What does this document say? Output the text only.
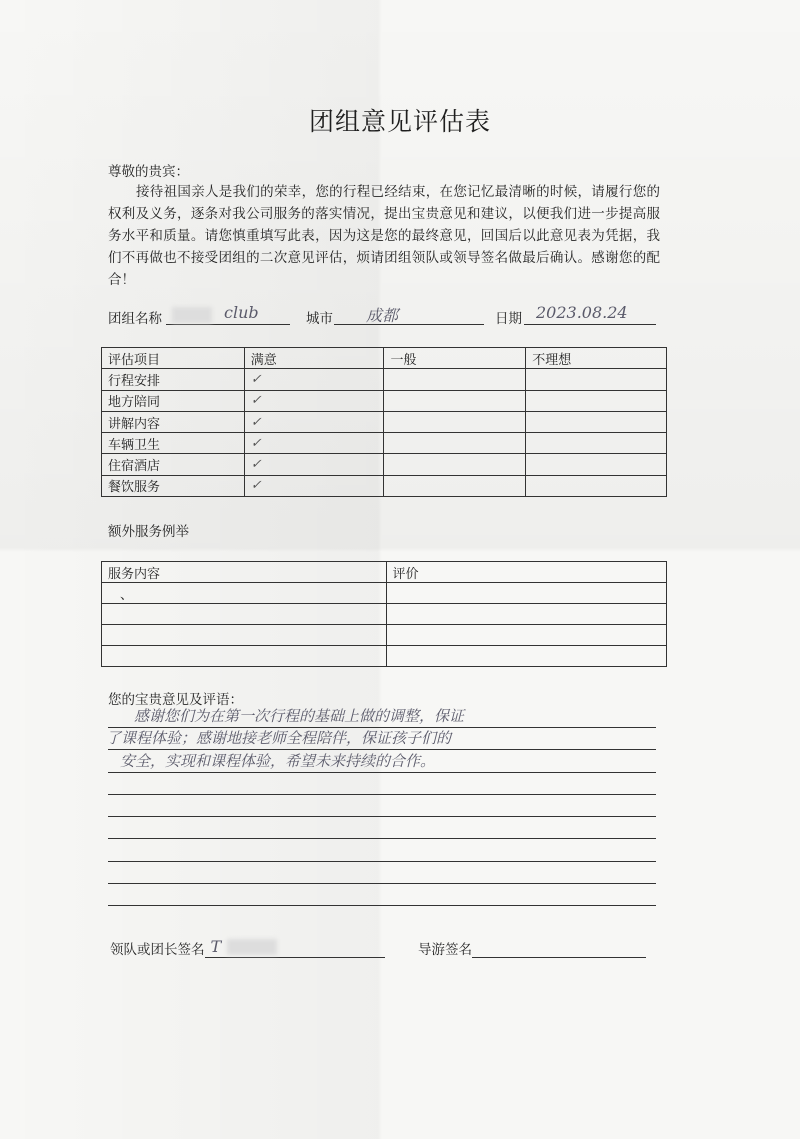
团组意见评估表
尊敬的贵宾：
接待祖国亲人是我们的荣幸，您的行程已经结束，在您记忆最清晰的时候，请履行您的权利及义务，逐条对我公司服务的落实情况，提出宝贵意见和建议，以便我们进一步提高服务水平和质量。请您慎重填写此表，因为这是您的最终意见，回国后以此意见表为凭据，我们不再做也不接受团组的二次意见评估，烦请团组领队或领导签名做最后确认。感谢您的配合！
团组名称	club	城市 成都	日期 2023.08.24
评估项目	满意	一般	不理想
行程安排	✓		
地方陪同	✓		
讲解内容	✓		
车辆卫生	✓		
住宿酒店	✓		
餐饮服务	✓		
额外服务例举
服务内容	评价
、	

您的宝贵意见及评语：
感谢您们为在第一次行程的基础上做的调整，保证
了课程体验；感谢地接老师全程陪伴，保证孩子们的
安全，实现和课程体验，希望未来持续的合作。
领队或团长签名 T	导游签名
